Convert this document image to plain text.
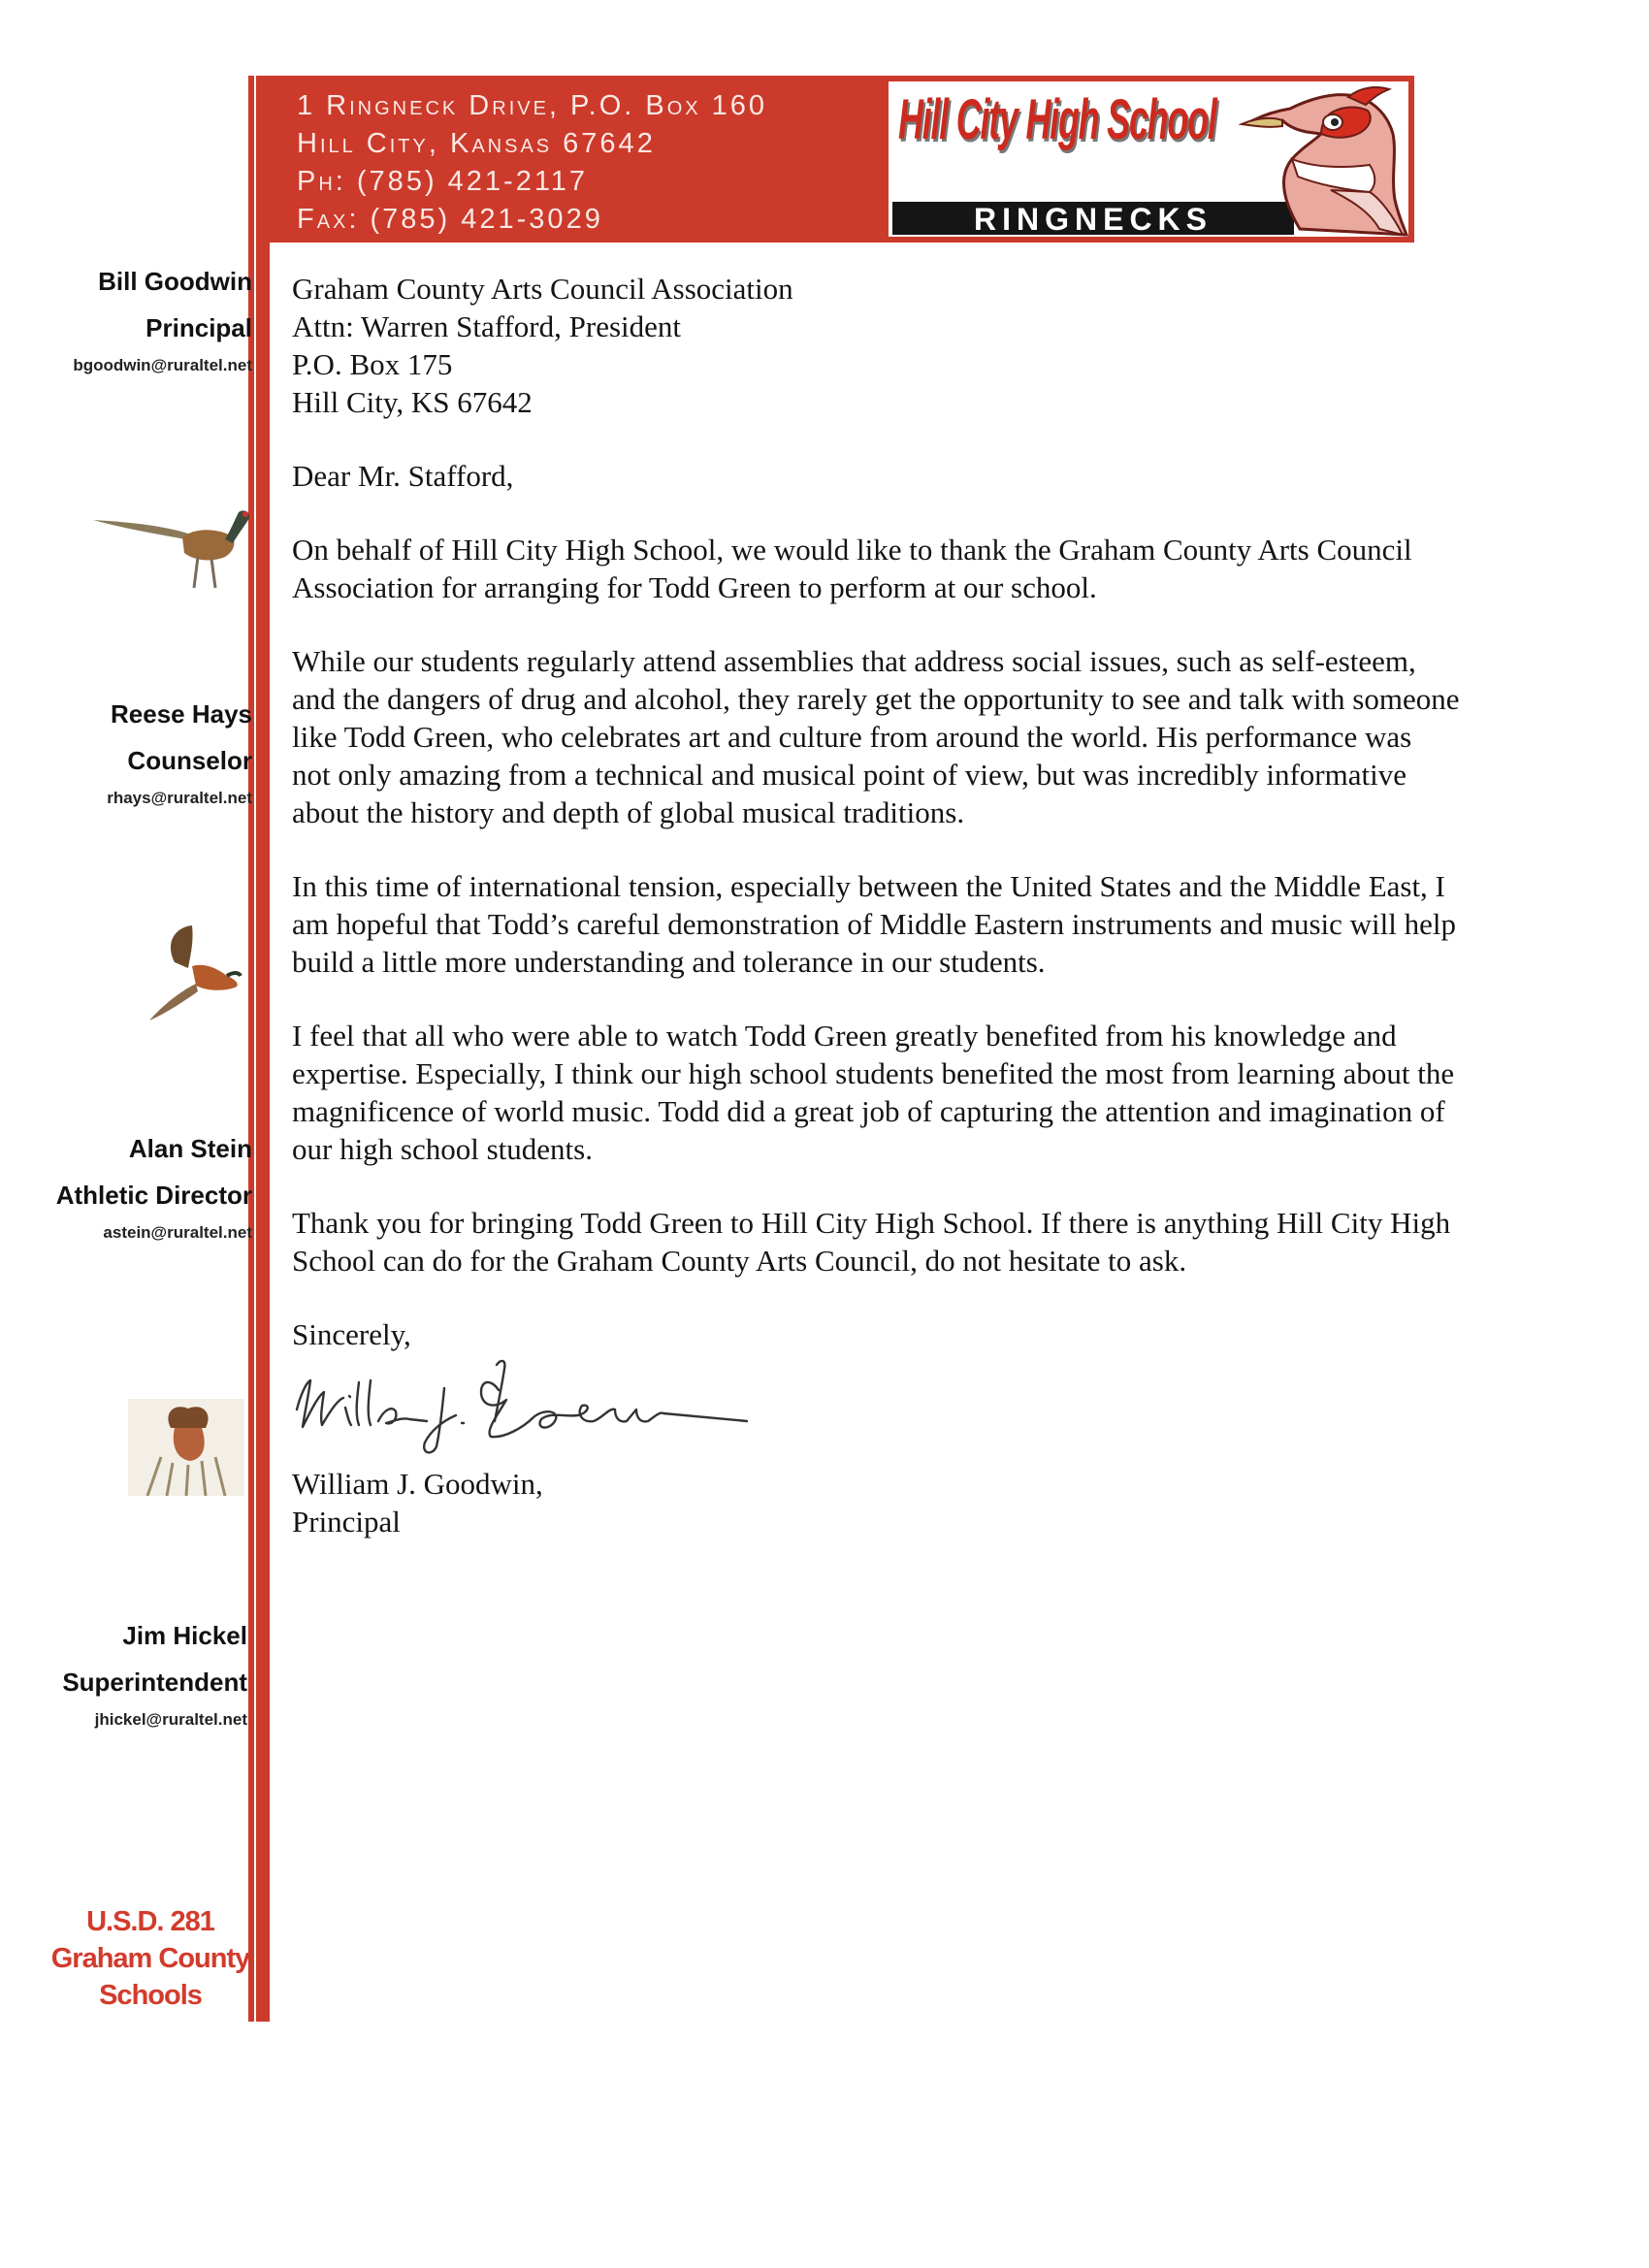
1 Ringneck Drive, P.O. Box 160
Hill City, Kansas 67642
Ph: (785) 421-2117
Fax: (785) 421-3029
Hill City High School
RINGNECKS
Bill Goodwin
Principal
bgoodwin@ruraltel.net
Reese Hays
Counselor
rhays@ruraltel.net
Alan Stein
Athletic Director
astein@ruraltel.net
Jim Hickel
Superintendent
jhickel@ruraltel.net
U.S.D. 281
Graham County
Schools
Graham County Arts Council Association
Attn: Warren Stafford, President
P.O. Box 175
Hill City, KS 67642
Dear Mr. Stafford,
On behalf of Hill City High School, we would like to thank the Graham County Arts Council
Association for arranging for Todd Green to perform at our school.
While our students regularly attend assemblies that address social issues, such as self-esteem,
and the dangers of drug and alcohol, they rarely get the opportunity to see and talk with someone
like Todd Green, who celebrates art and culture from around the world. His performance was
not only amazing from a technical and musical point of view, but was incredibly informative
about the history and depth of global musical traditions.
In this time of international tension, especially between the United States and the Middle East, I
am hopeful that Todd’s careful demonstration of Middle Eastern instruments and music will help
build a little more understanding and tolerance in our students.
I feel that all who were able to watch Todd Green greatly benefited from his knowledge and
expertise. Especially, I think our high school students benefited the most from learning about the
magnificence of world music. Todd did a great job of capturing the attention and imagination of
our high school students.
Thank you for bringing Todd Green to Hill City High School. If there is anything Hill City High
School can do for the Graham County Arts Council, do not hesitate to ask.
Sincerely,
William J. Goodwin,
Principal
